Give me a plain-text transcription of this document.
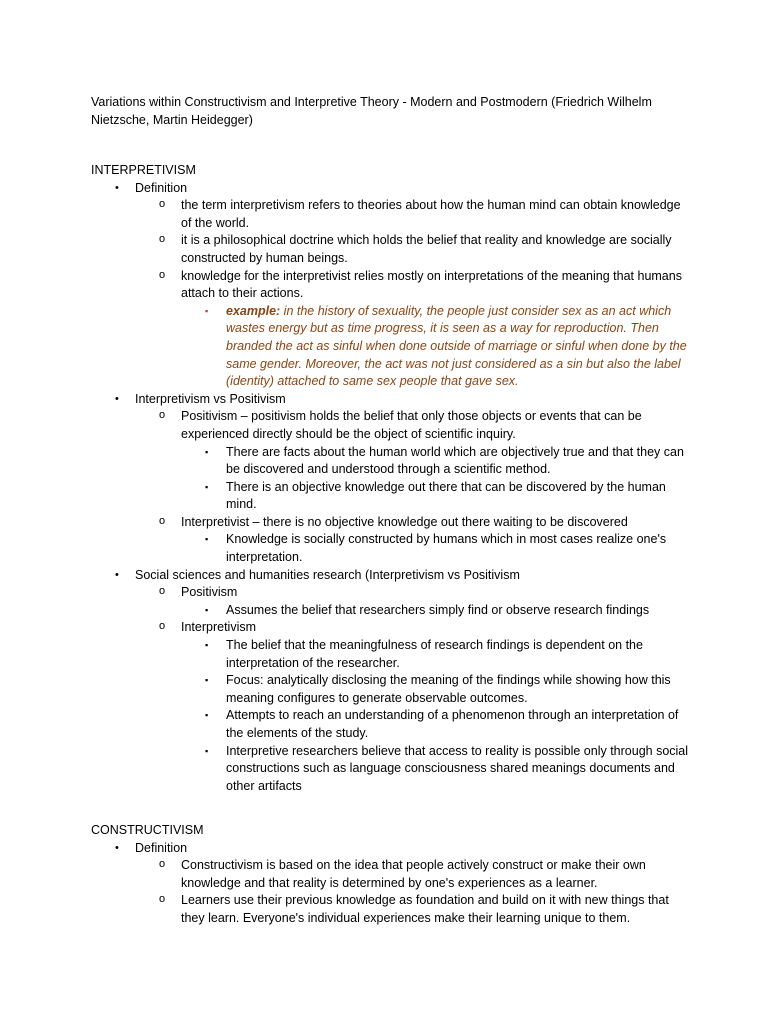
Variations within Constructivism and Interpretive Theory - Modern and Postmodern (Friedrich Wilhelm Nietzsche, Martin Heidegger)
INTERPRETIVISM
• Definition
o the term interpretivism refers to theories about how the human mind can obtain knowledge of the world.
o it is a philosophical doctrine which holds the belief that reality and knowledge are socially constructed by human beings.
o knowledge for the interpretivist relies mostly on interpretations of the meaning that humans attach to their actions.
▪ example: in the history of sexuality, the people just consider sex as an act which wastes energy but as time progress, it is seen as a way for reproduction. Then branded the act as sinful when done outside of marriage or sinful when done by the same gender. Moreover, the act was not just considered as a sin but also the label (identity) attached to same sex people that gave sex.
• Interpretivism vs Positivism
o Positivism – positivism holds the belief that only those objects or events that can be experienced directly should be the object of scientific inquiry.
▪ There are facts about the human world which are objectively true and that they can be discovered and understood through a scientific method.
▪ There is an objective knowledge out there that can be discovered by the human mind.
o Interpretivist – there is no objective knowledge out there waiting to be discovered
▪ Knowledge is socially constructed by humans which in most cases realize one's interpretation.
• Social sciences and humanities research (Interpretivism vs Positivism
o Positivism
▪ Assumes the belief that researchers simply find or observe research findings
o Interpretivism
▪ The belief that the meaningfulness of research findings is dependent on the interpretation of the researcher.
▪ Focus: analytically disclosing the meaning of the findings while showing how this meaning configures to generate observable outcomes.
▪ Attempts to reach an understanding of a phenomenon through an interpretation of the elements of the study.
▪ Interpretive researchers believe that access to reality is possible only through social constructions such as language consciousness shared meanings documents and other artifacts
CONSTRUCTIVISM
• Definition
o Constructivism is based on the idea that people actively construct or make their own knowledge and that reality is determined by one's experiences as a learner.
o Learners use their previous knowledge as foundation and build on it with new things that they learn. Everyone's individual experiences make their learning unique to them.
